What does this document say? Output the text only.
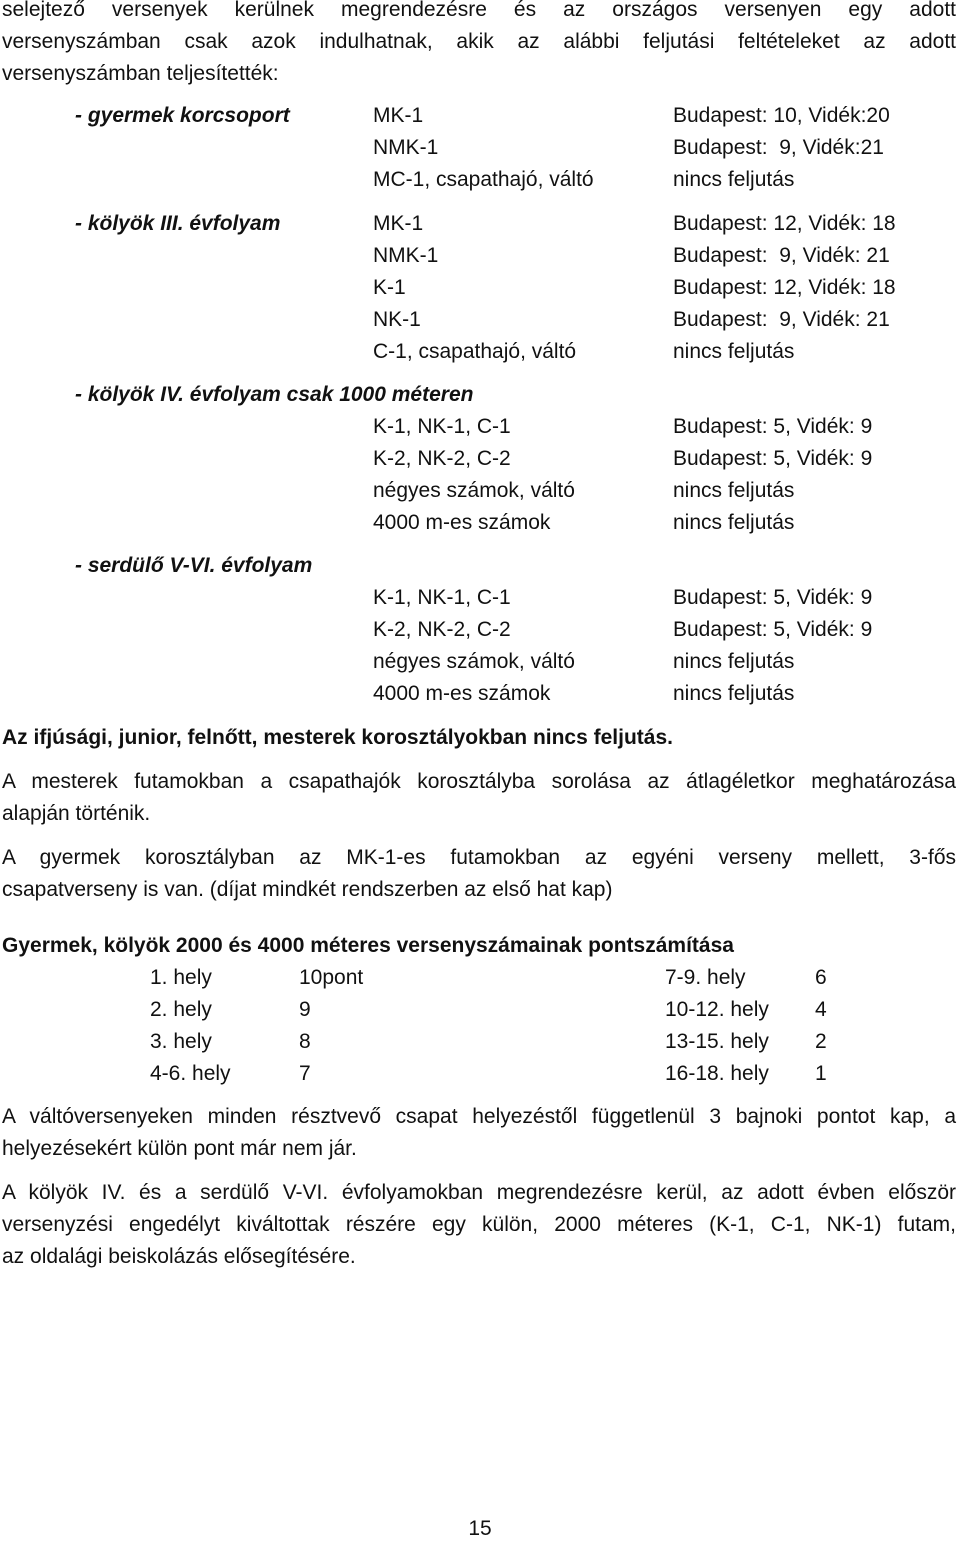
selejtező versenyek kerülnek megrendezésre és az országos versenyen egy adott
versenyszámban csak azok indulhatnak, akik az alábbi feljutási feltételeket az adott
versenyszámban teljesítették:
- gyermek korcsoport	MK-1	Budapest: 10, Vidék:20
NMK-1	Budapest:  9, Vidék:21
MC-1, csapathajó, váltó	nincs feljutás
- kölyök III. évfolyam	MK-1	Budapest: 12, Vidék: 18
NMK-1	Budapest:  9, Vidék: 21
K-1	Budapest: 12, Vidék: 18
NK-1	Budapest:  9, Vidék: 21
C-1, csapathajó, váltó	nincs feljutás
- kölyök IV. évfolyam csak 1000 méteren
K-1, NK-1, C-1	Budapest: 5, Vidék: 9
K-2, NK-2, C-2	Budapest: 5, Vidék: 9
négyes számok, váltó	nincs feljutás
4000 m-es számok	nincs feljutás
- serdülő V-VI. évfolyam
K-1, NK-1, C-1	Budapest: 5, Vidék: 9
K-2, NK-2, C-2	Budapest: 5, Vidék: 9
négyes számok, váltó	nincs feljutás
4000 m-es számok	nincs feljutás
Az ifjúsági, junior, felnőtt, mesterek korosztályokban nincs feljutás.
A mesterek futamokban a csapathajók korosztályba sorolása az átlagéletkor meghatározása
alapján történik.
A gyermek korosztályban az MK-1-es futamokban az egyéni verseny mellett, 3-fős
csapatverseny is van. (díjat mindkét rendszerben az első hat kap)
Gyermek, kölyök 2000 és 4000 méteres versenyszámainak pontszámítása
1. hely	10pont	7-9. hely	6
2. hely	9	10-12. hely 4
3. hely	8	13-15. hely 2
4-6. hely	7	16-18. hely 1
A váltóversenyeken minden résztvevő csapat helyezéstől függetlenül 3 bajnoki pontot kap, a
helyezésekért külön pont már nem jár.
A kölyök IV. és a serdülő V-VI. évfolyamokban megrendezésre kerül, az adott évben először
versenyzési engedélyt kiváltottak részére egy külön, 2000 méteres (K-1, C-1, NK-1) futam,
az oldalági beiskolázás elősegítésére.
15
